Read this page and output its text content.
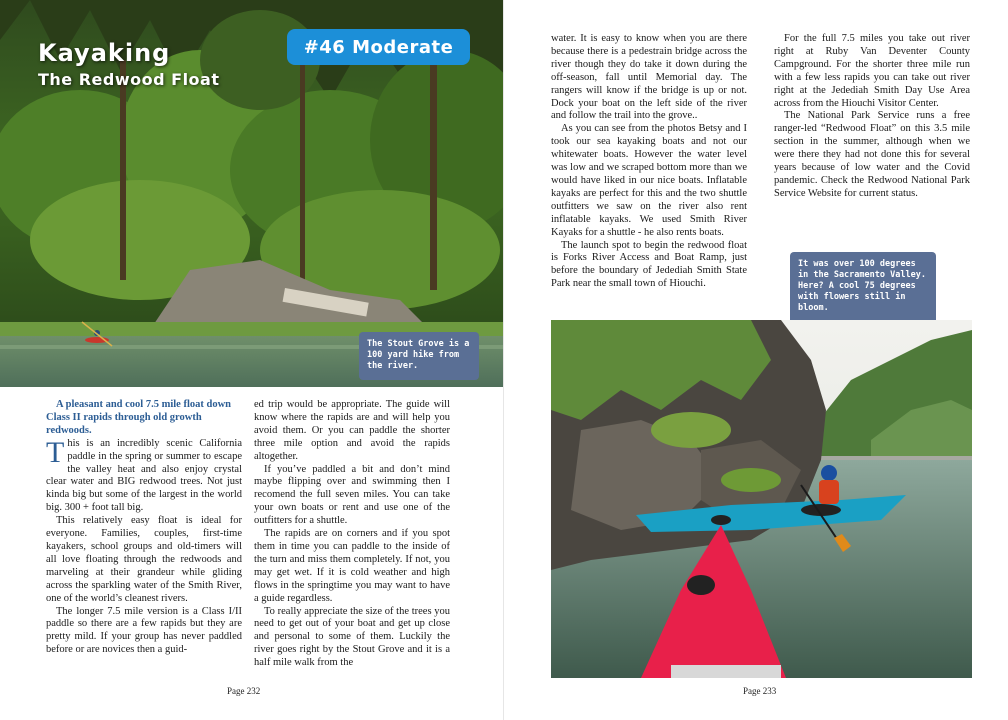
Kayaking
The Redwood Float
#46 Moderate
The Stout Grove is a 100 yard hike from the river.

A pleasant and cool 7.5 mile float down Class II rapids through old growth redwoods.

This is an incredibly scenic California paddle in the spring or summer to escape the valley heat and also enjoy crystal clear water and BIG redwood trees. Not just kinda big but some of the largest in the world big. 300 + foot tall big.

This relatively easy float is ideal for everyone. Families, couples, first-time kayakers, school groups and old-timers will all love floating through the redwoods and marveling at their grandeur while gliding across the sparkling water of the Smith River, one of the world’s cleanest rivers.

The longer 7.5 mile version is a Class I/II paddle so there are a few rapids but they are pretty mild. If your group has never paddled before or are novices then a guid-

ed trip would be appropriate. The guide will know where the rapids are and will help you avoid them. Or you can paddle the shorter three mile option and avoid the rapids altogether.

If you’ve paddled a bit and don’t mind maybe flipping over and swimming then I recomend the full seven miles. You can take your own boats or rent and use one of the outfitters for a shuttle.

The rapids are on corners and if you spot them in time you can paddle to the inside of the turn and miss them completely. If not, you may get wet. If it is cold weather and high flows in the springtime you may want to have a guide regardless.

To really appreciate the size of the trees you need to get out of your boat and get up close and personal to some of them. Luckily the river goes right by the Stout Grove and it is a half mile walk from the

Page 232

water. It is easy to know when you are there because there is a pedestrain bridge across the river though they do take it down during the off-season, fall until Memorial day. The rangers will know if the bridge is up or not. Dock your boat on the left side of the river and follow the trail into the grove..

As you can see from the photos Betsy and I took our sea kayaking boats and not our whitewater boats. However the water level was low and we scraped bottom more than we would have liked in our nice boats. Inflatable kayaks are perfect for this and the two shuttle outfitters we saw on the river also rent inflatable kayaks. We used Smith River Kayaks for a shuttle - he also rents boats.

The launch spot to begin the redwood float is Forks River Access and Boat Ramp, just before the boundary of Jedediah Smith State Park near the small town of Hiouchi.

For the full 7.5 miles you take out river right at Ruby Van Deventer County Campground. For the shorter three mile run with a few less rapids you can take out river right at the Jedediah Smith Day Use Area across from the Hiouchi Visitor Center.

The National Park Service runs a free ranger-led “Redwood Float” on this 3.5 mile section in the summer, although when we were there they had not done this for several years because of low water and the Covid pandemic. Check the Redwood National Park Service Website for current status.

It was over 100 degrees in the Sacramento Valley. Here? A cool 75 degrees with flowers still in bloom.
Page 233
